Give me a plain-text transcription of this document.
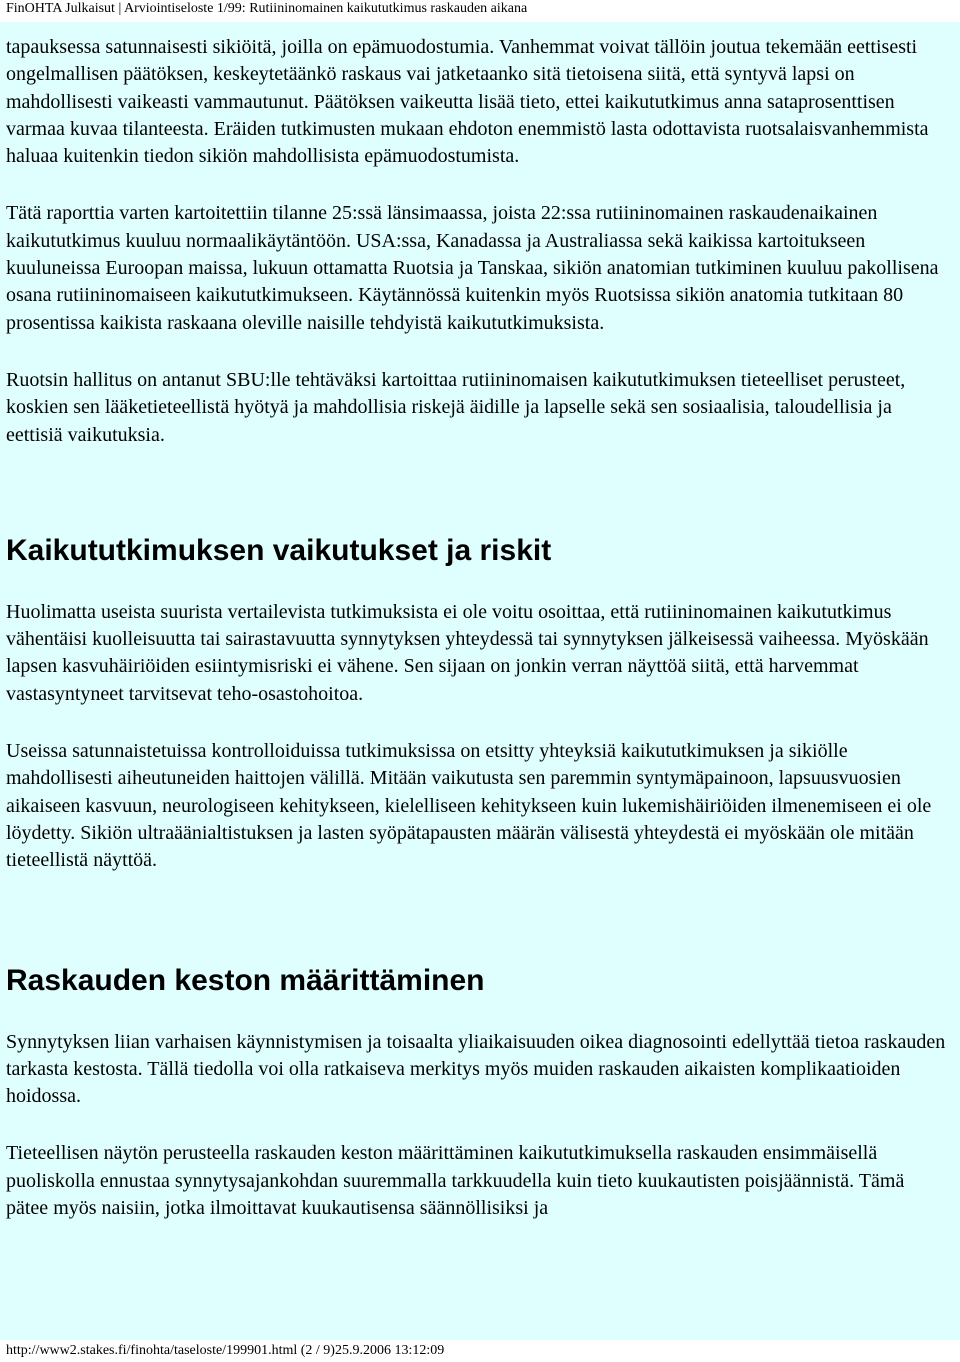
FinOHTA Julkaisut | Arviointiseloste 1/99: Rutiininomainen kaikututkimus raskauden aikana

tapauksessa satunnaisesti sikiöitä, joilla on epämuodostumia. Vanhemmat voivat tällöin joutua tekemään eettisesti ongelmallisen päätöksen, keskeytetäänkö raskaus vai jatketaanko sitä tietoisena siitä, että syntyvä lapsi on mahdollisesti vaikeasti vammautunut. Päätöksen vaikeutta lisää tieto, ettei kaikututkimus anna sataprosenttisen varmaa kuvaa tilanteesta. Eräiden tutkimusten mukaan ehdoton enemmistö lasta odottavista ruotsalaisvanhemmista haluaa kuitenkin tiedon sikiön mahdollisista epämuodostumista.

Tätä raporttia varten kartoitettiin tilanne 25:ssä länsimaassa, joista 22:ssa rutiininomainen raskaudenaikainen kaikututkimus kuuluu normaalikäytäntöön. USA:ssa, Kanadassa ja Australiassa sekä kaikissa kartoitukseen kuuluneissa Euroopan maissa, lukuun ottamatta Ruotsia ja Tanskaa, sikiön anatomian tutkiminen kuuluu pakollisena osana rutiininomaiseen kaikututkimukseen. Käytännössä kuitenkin myös Ruotsissa sikiön anatomia tutkitaan 80 prosentissa kaikista raskaana oleville naisille tehdyistä kaikututkimuksista.

Ruotsin hallitus on antanut SBU:lle tehtäväksi kartoittaa rutiininomaisen kaikututkimuksen tieteelliset perusteet, koskien sen lääketieteellistä hyötyä ja mahdollisia riskejä äidille ja lapselle sekä sen sosiaalisia, taloudellisia ja eettisiä vaikutuksia.

Kaikututkimuksen vaikutukset ja riskit

Huolimatta useista suurista vertailevista tutkimuksista ei ole voitu osoittaa, että rutiininomainen kaikututkimus vähentäisi kuolleisuutta tai sairastavuutta synnytyksen yhteydessä tai synnytyksen jälkeisessä vaiheessa. Myöskään lapsen kasvuhäiriöiden esiintymisriski ei vähene. Sen sijaan on jonkin verran näyttöä siitä, että harvemmat vastasyntyneet tarvitsevat teho-osastohoitoa.

Useissa satunnaistetuissa kontrolloiduissa tutkimuksissa on etsitty yhteyksiä kaikututkimuksen ja sikiölle mahdollisesti aiheutuneiden haittojen välillä. Mitään vaikutusta sen paremmin syntymäpainoon, lapsuusvuosien aikaiseen kasvuun, neurologiseen kehitykseen, kielelliseen kehitykseen kuin lukemishäiriöiden ilmenemiseen ei ole löydetty. Sikiön ultraäänialtistuksen ja lasten syöpätapausten määrän välisestä yhteydestä ei myöskään ole mitään tieteellistä näyttöä.

Raskauden keston määrittäminen

Synnytyksen liian varhaisen käynnistymisen ja toisaalta yliaikaisuuden oikea diagnosointi edellyttää tietoa raskauden tarkasta kestosta. Tällä tiedolla voi olla ratkaiseva merkitys myös muiden raskauden aikaisten komplikaatioiden hoidossa.

Tieteellisen näytön perusteella raskauden keston määrittäminen kaikututkimuksella raskauden ensimmäisellä puoliskolla ennustaa synnytysajankohdan suuremmalla tarkkuudella kuin tieto kuukautisten poisjäännistä. Tämä pätee myös naisiin, jotka ilmoittavat kuukautisensa säännöllisiksi ja

http://www2.stakes.fi/finohta/taseloste/199901.html (2 / 9)25.9.2006 13:12:09
